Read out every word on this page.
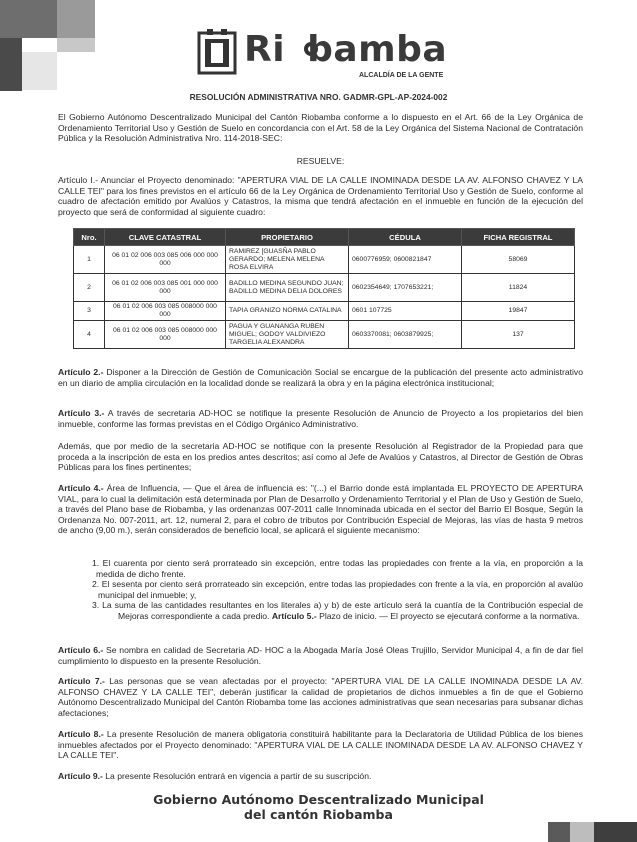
Ri bamba
ALCALDÍA DE LA GENTE
RESOLUCIÓN ADMINISTRATIVA NRO. GADMR-GPL-AP-2024-002
El Gobierno Autónomo Descentralizado Municipal del Cantón Riobamba conforme a lo dispuesto en el Art. 66 de la Ley Orgánica de Ordenamiento Territorial Uso y Gestión de Suelo en concordancia con el Art. 58 de la Ley Orgánica del Sistema Nacional de Contratación Pública y la Resolución Administrativa Nro. 114-2018-SEC:
RESUELVE:
Artículo I.- Anunciar el Proyecto denominado: "APERTURA VIAL DE LA CALLE INOMINADA DESDE LA AV. ALFONSO CHAVEZ Y LA CALLE TEI" para los fines previstos en el artículo 66 de la Ley Orgánica de Ordenamiento Territorial Uso y Gestión de Suelo, conforme al cuadro de afectación emitido por Avalúos y Catastros, la misma que tendrá afectación en el inmueble en función de la ejecución del proyecto que será de conformidad al siguiente cuadro:
Nro.	CLAVE CATASTRAL	PROPIETARIO	CÉDULA	FICHA REGISTRAL
1	06 01 02 006 003 085 006 000 000 000	RAMIREZ [GUASÑA PABLO GERARDO; MELENA MELENA ROSA ELVIRA	0600776959; 0600821847	58069
2	06 01 02 006 003 085 001 000 000 000	BADILLO MEDINA SEGUNDO JUAN; BADILLO MEDINA DELIA DOLORES	0602354649; 1707653221;	11824
3	06 01 02 006 003 085 008000 000 000	TAPIA GRANIZO NORMA CATALINA	0601 107725	19847
4	06 01 02 006 003 085 008000 000 000	PAGUA Y GUANANGA RUBEN MIGUEL; GODOY VALDIVIEZO TARGELIA ALEXANDRA	0603370081; 0603879925;	137
Artículo 2.- Disponer a la Dirección de Gestión de Comunicación Social se encargue de la publicación del presente acto administrativo en un diario de amplia circulación en la localidad donde se realizará la obra y en la página electrónica institucional;
Artículo 3.- A través de secretaria AD-HOC se notifique la presente Resolución de Anuncio de Proyecto a los propietarios del bien inmueble, conforme las formas previstas en el Código Orgánico Administrativo.
Además, que por medio de la secretaria AD-HOC se notifique con la presente Resolución al Registrador de la Propiedad para que proceda a la inscripción de esta en los predios antes descritos; así como al Jefe de Avalúos y Catastros, al Director de Gestión de Obras Públicas para los fines pertinentes;
Artículo 4.- Área de Influencia, — Que el área de influencia es: "(...) el Barrio donde está implantada EL PROYECTO DE APERTURA VIAL, para lo cual la delimitación está determinada por Plan de Desarrollo y Ordenamiento Territorial y el Plan de Uso y Gestión de Suelo, a través del Plano base de Riobamba, y las ordenanzas 007-2011 calle Innominada ubicada en el sector del Barrio El Bosque, Según la Ordenanza No. 007-2011, art. 12, numeral 2, para el cobro de tributos por Contribución Especial de Mejoras, las vías de hasta 9 metros de ancho (9,00 m.), serán considerados de beneficio local, se aplicará el siguiente mecanismo:
1. El cuarenta por ciento será prorrateado sin excepción, entre todas las propiedades con frente a la vía, en proporción a lamedida de dicho frente.
2. El sesenta por ciento será prorrateado sin excepción, entre todas las propiedades con frente a la vía, en proporción al avalúomunicipal del inmueble; y,
3. La suma de las cantidades resultantes en los literales a) y b) de este artículo será la cuantía de la Contribución especial deMejoras correspondiente a cada predio. Artículo 5.- Plazo de inicio. — El proyecto se ejecutará conforme a la normativa.
Artículo 6.- Se nombra en calidad de Secretaria AD- HOC a la Abogada María José Oleas Trujillo, Servidor Municipal 4, a fin de dar fiel cumplimiento lo dispuesto en la presente Resolución.
Artículo 7.- Las personas que se vean afectadas por el proyecto: "APERTURA VIAL DE LA CALLE INOMINADA DESDE LA AV. ALFONSO CHAVEZ Y LA CALLE TEI", deberán justificar la calidad de propietarios de dichos inmuebles a fin de que el Gobierno Autónomo Descentralizado Municipal del Cantón Riobamba tome las acciones administrativas que sean necesarias para subsanar dichas afectaciones;
Artículo 8.- La presente Resolución de manera obligatoria constituirá habilitante para la Declaratoria de Utilidad Pública de los bienes inmuebles afectados por el Proyecto denominado: "APERTURA VIAL DE LA CALLE INOMINADA DESDE LA AV. ALFONSO CHAVEZ Y LA CALLE TEI".
Artículo 9.- La presente Resolución entrará en vigencia a partir de su suscripción.
Gobierno Autónomo Descentralizado Municipal
del cantón Riobamba
